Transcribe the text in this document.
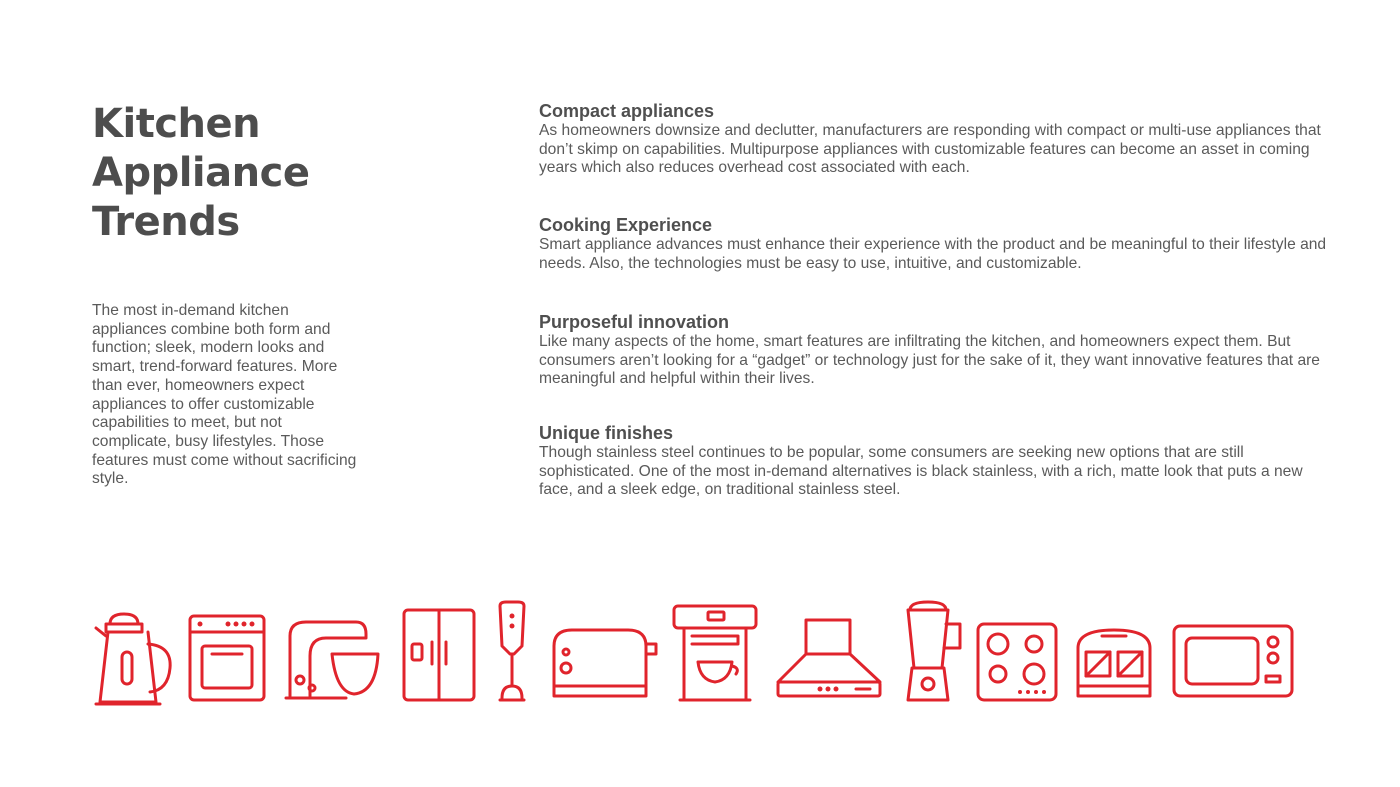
Kitchen
Appliance
Trends

The most in-demand kitchen appliances combine both form and function; sleek, modern looks and smart, trend-forward features. More than ever, homeowners expect appliances to offer customizable capabilities to meet, but not complicate, busy lifestyles. Those features must come without sacrificing style.

Compact appliances

As homeowners downsize and declutter, manufacturers are responding with compact or multi-use appliances that don’t skimp on capabilities. Multipurpose appliances with customizable features can become an asset in coming years which also reduces overhead cost associated with each.

Cooking Experience

Smart appliance advances must enhance their experience with the product and be meaningful to their lifestyle and needs. Also, the technologies must be easy to use, intuitive, and customizable.

Purposeful innovation

Like many aspects of the home, smart features are infiltrating the kitchen, and homeowners expect them. But consumers aren’t looking for a “gadget” or technology just for the sake of it, they want innovative features that are meaningful and helpful within their lives.

Unique finishes

Though stainless steel continues to be popular, some consumers are seeking new options that are still sophisticated. One of the most in-demand alternatives is black stainless, with a rich, matte look that puts a new face, and a sleek edge, on traditional stainless steel.
